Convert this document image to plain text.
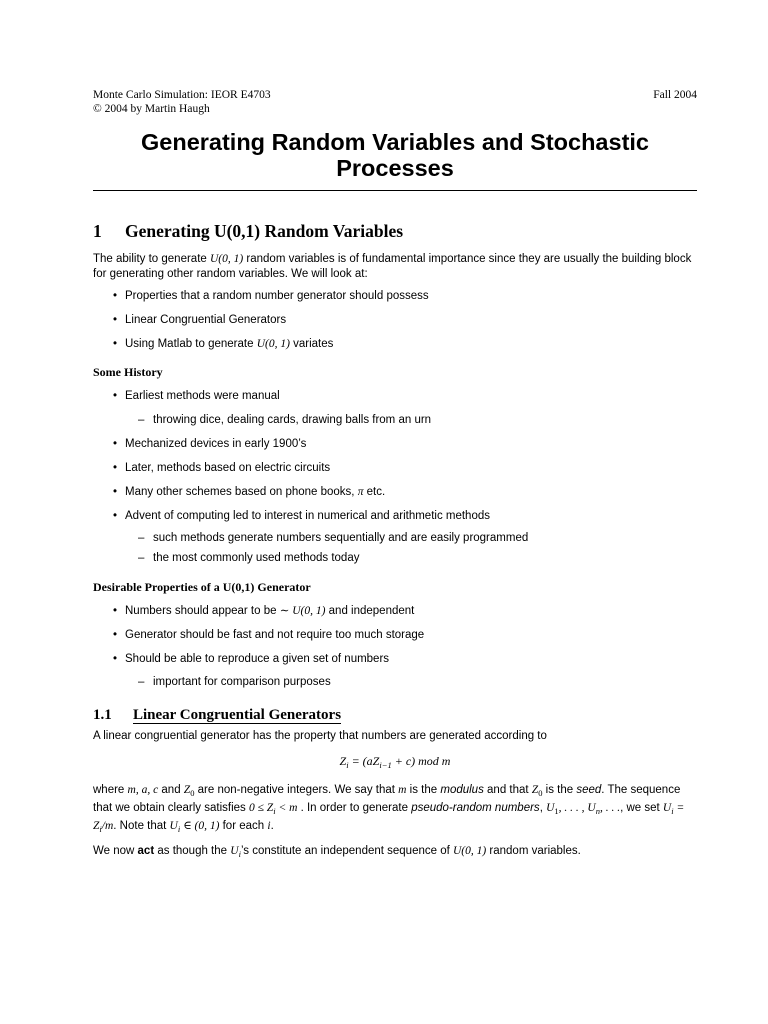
Monte Carlo Simulation: IEOR E4703
© 2004 by Martin Haugh
Fall 2004
Generating Random Variables and Stochastic Processes
1 Generating U(0,1) Random Variables

The ability to generate U(0, 1) random variables is of fundamental importance since they are usually the building block for generating other random variables. We will look at:

• Properties that a random number generator should possess
• Linear Congruential Generators
• Using Matlab to generate U(0, 1) variates
Some History
• Earliest methods were manual
– throwing dice, dealing cards, drawing balls from an urn
• Mechanized devices in early 1900’s
• Later, methods based on electric circuits
• Many other schemes based on phone books, π etc.
• Advent of computing led to interest in numerical and arithmetic methods
– such methods generate numbers sequentially and are easily programmed
– the most commonly used methods today
Desirable Properties of a U(0,1) Generator
• Numbers should appear to be ∼ U(0, 1) and independent
• Generator should be fast and not require too much storage
• Should be able to reproduce a given set of numbers
– important for comparison purposes
1.1 Linear Congruential Generators

A linear congruential generator has the property that numbers are generated according to

$Z_i = (aZ_{i-1} + c)$ mod m

where m, a, c and $Z_0$ are non-negative integers. We say that m is the modulus and that $Z_0$ is the seed. The sequence that we obtain clearly satisfies $0 \le Z_i < m$ . In order to generate pseudo-random numbers, $U_1$, . . . , $U_n$, . . ., we set $U_i = Z_i/m$. Note that $U_i$ ∈ (0, 1) for each i.

We now act as though the $U_i’s$ constitute an independent sequence of U(0, 1) random variables.
